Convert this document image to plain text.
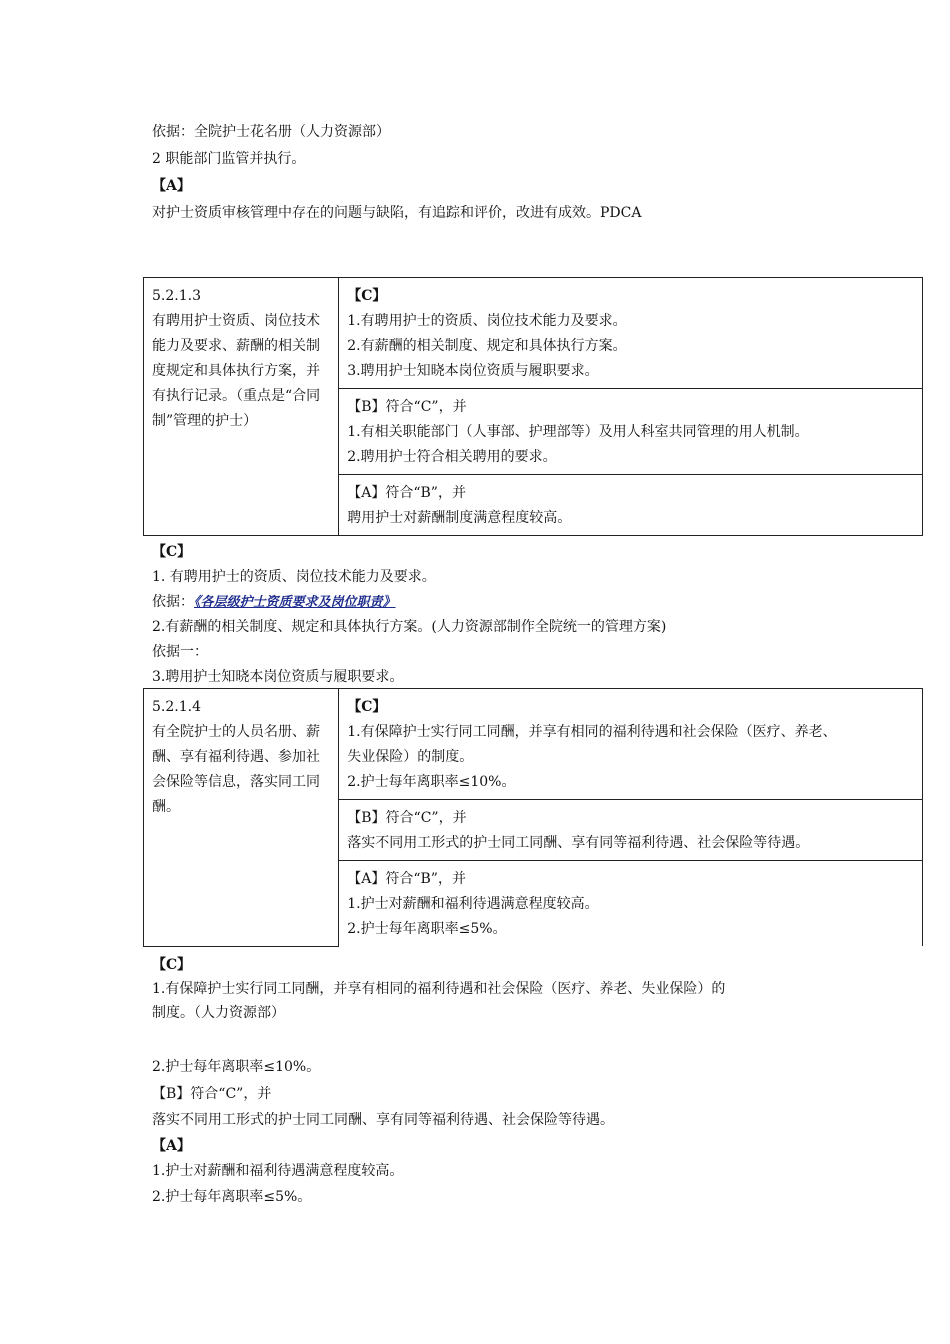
依据：全院护士花名册（人力资源部）
2 职能部门监管并执行。
【A】
对护士资质审核管理中存在的问题与缺陷，有追踪和评价，改进有成效。PDCA
5.2.1.3
有聘用护士资质、岗位技术能力及要求、薪酬的相关制度规定和具体执行方案，并有执行记录。（重点是“合同制”管理的护士）	
【C】
1.有聘用护士的资质、岗位技术能力及要求。
2.有薪酬的相关制度、规定和具体执行方案。
3.聘用护士知晓本岗位资质与履职要求。

【B】符合“C”，并
1.有相关职能部门（人事部、护理部等）及用人科室共同管理的用人机制。
2.聘用护士符合相关聘用的要求。

【A】符合“B”，并
聘用护士对薪酬制度满意程度较高。
【C】
1. 有聘用护士的资质、岗位技术能力及要求。
依据：《各层级护士资质要求及岗位职责》
2.有薪酬的相关制度、规定和具体执行方案。(人力资源部制作全院统一的管理方案)
依据一：
3.聘用护士知晓本岗位资质与履职要求。
5.2.1.4
有全院护士的人员名册、薪酬、享有福利待遇、参加社会保险等信息，落实同工同酬。	
【C】
1.有保障护士实行同工同酬，并享有相同的福利待遇和社会保险（医疗、养老、
失业保险）的制度。
2.护士每年离职率≤10%。

【B】符合“C”，并
落实不同用工形式的护士同工同酬、享有同等福利待遇、社会保险等待遇。

【A】符合“B”，并
1.护士对薪酬和福利待遇满意程度较高。
2.护士每年离职率≤5%。
【C】
1.有保障护士实行同工同酬，并享有相同的福利待遇和社会保险（医疗、养老、失业保险）的
制度。（人力资源部）
2.护士每年离职率≤10%。
【B】符合“C”，并
落实不同用工形式的护士同工同酬、享有同等福利待遇、社会保险等待遇。
【A】
1.护士对薪酬和福利待遇满意程度较高。
2.护士每年离职率≤5%。
